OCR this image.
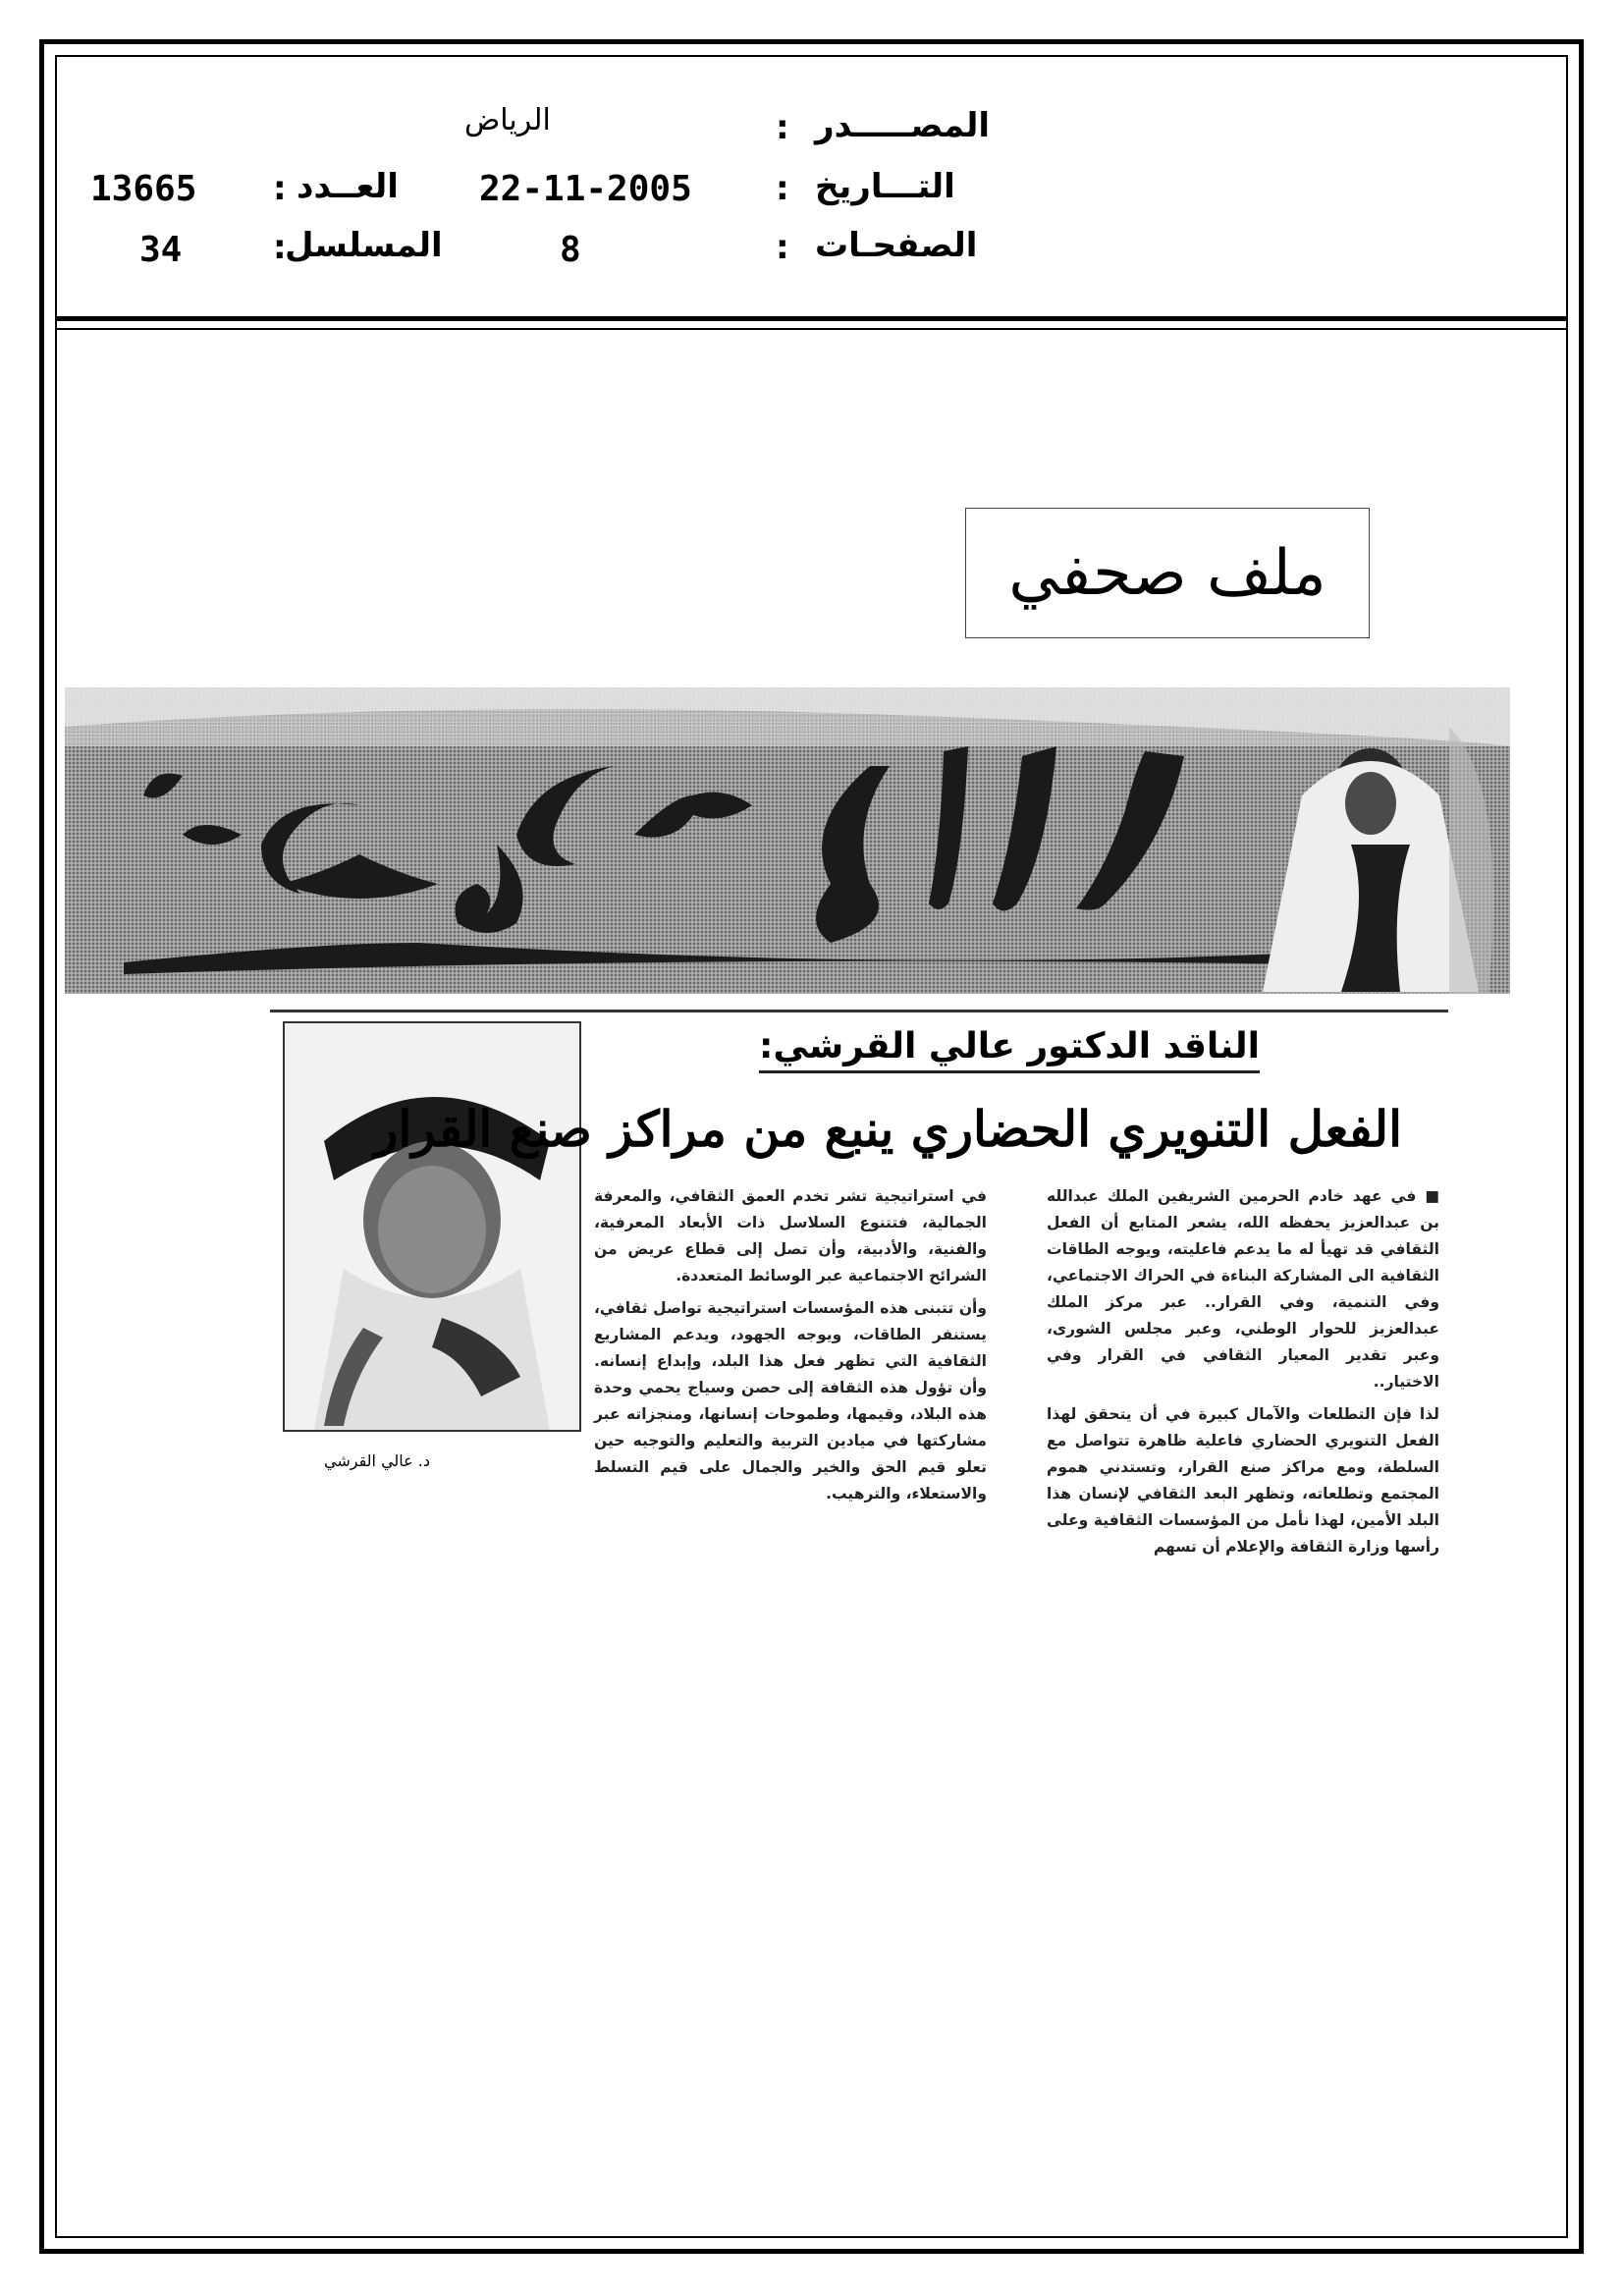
المصـــــدر
:
الرياض
التـــاريخ
:
22-11-2005
الصفحـات
:
8
العــدد
:
13665
المسلسل
:
34
ملف صحفي
د. عالي القرشي
الناقد الدكتور عالي القرشي:
الفعل التنويري الحضاري ينبع من مراكز صنع القرار

■ في عهد خادم الحرمين الشريفين الملك عبدالله بن عبدالعزيز يحفظه الله، يشعر المتابع أن الفعل الثقافي قد تهيأ له ما يدعم فاعليته، ويوجه الطاقات الثقافية الى المشاركة البناءة في الحراك الاجتماعي، وفي التنمية، وفي القرار.. عبر مركز الملك عبدالعزيز للحوار الوطني، وعبر مجلس الشورى، وعبر تقدير المعيار الثقافي في القرار وفي الاختيار..

لذا فإن التطلعات والآمال كبيرة في أن يتحقق لهذا الفعل التنويري الحضاري فاعلية ظاهرة تتواصل مع السلطة، ومع مراكز صنع القرار، وتستدني هموم المجتمع وتطلعاته، وتظهر البعد الثقافي لإنسان هذا البلد الأمين، لهذا نأمل من المؤسسات الثقافية وعلى رأسها وزارة الثقافة والإعلام أن تسهم

في استراتيجية تشر تخدم العمق الثقافي، والمعرفة الجمالية، فتتنوع السلاسل ذات الأبعاد المعرفية، والفنية، والأدبية، وأن تصل إلى قطاع عريض من الشرائح الاجتماعية عبر الوسائط المتعددة.

وأن تتبنى هذه المؤسسات استراتيجية تواصل ثقافي، يستنفر الطاقات، ويوجه الجهود، ويدعم المشاريع الثقافية التي تظهر فعل هذا البلد، وإبداع إنسانه. وأن تؤول هذه الثقافة إلى حصن وسياج يحمي وحدة هذه البلاد، وقيمها، وطموحات إنسانها، ومنجزاته عبر مشاركتها في ميادين التربية والتعليم والتوجيه حين تعلو قيم الحق والخير والجمال على قيم التسلط والاستعلاء، والترهيب.
